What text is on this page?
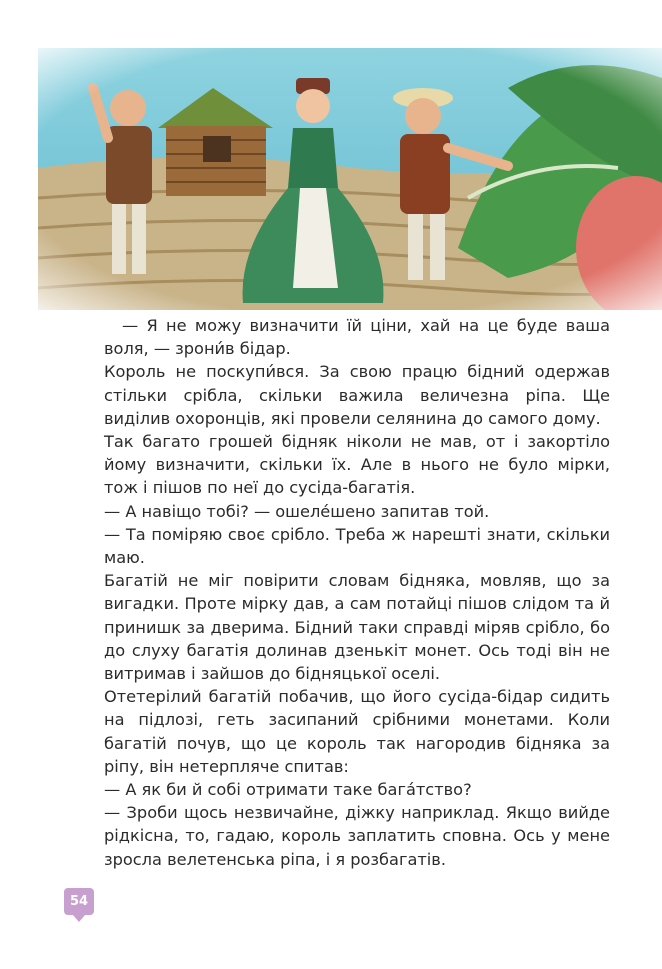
— Я не можу визначити їй ціни, хай на це буде ваша воля, — зрони́в бідар.

Король не поскупи́вся. За свою працю бідний одержав стільки срібла, скільки важила величезна ріпа. Ще виділив охоронців, які провели селянина до самого дому.

Так багато грошей бідняк ніколи не мав, от і закортіло йому визначити, скільки їх. Але в нього не було мірки, тож і пішов по неї до сусіда-багатія.

— А навіщо тобі? — ошеле́шено запитав той.

— Та поміряю своє срібло. Треба ж нарешті знати, скільки маю.

Багатій не міг повірити словам бідняка, мовляв, що за вигадки. Проте мірку дав, а сам потайці пішов слідом та й принишк за дверима. Бідний таки справді міряв срібло, бо до слуху багатія долинав дзенькіт монет. Ось тоді він не витримав і зайшов до бідняцької оселі.

Отетерілий багатій побачив, що його сусіда-бідар сидить на підлозі, геть засипаний срібними монетами. Коли багатій почув, що це король так нагородив бідняка за ріпу, він нетерпляче спитав:

— А як би й собі отримати таке бага́тство?

— Зроби щось незвичайне, діжку наприклад. Якщо вийде рідкісна, то, гадаю, король заплатить сповна. Ось у мене зросла велетенська ріпа, і я розбагатів.

54
